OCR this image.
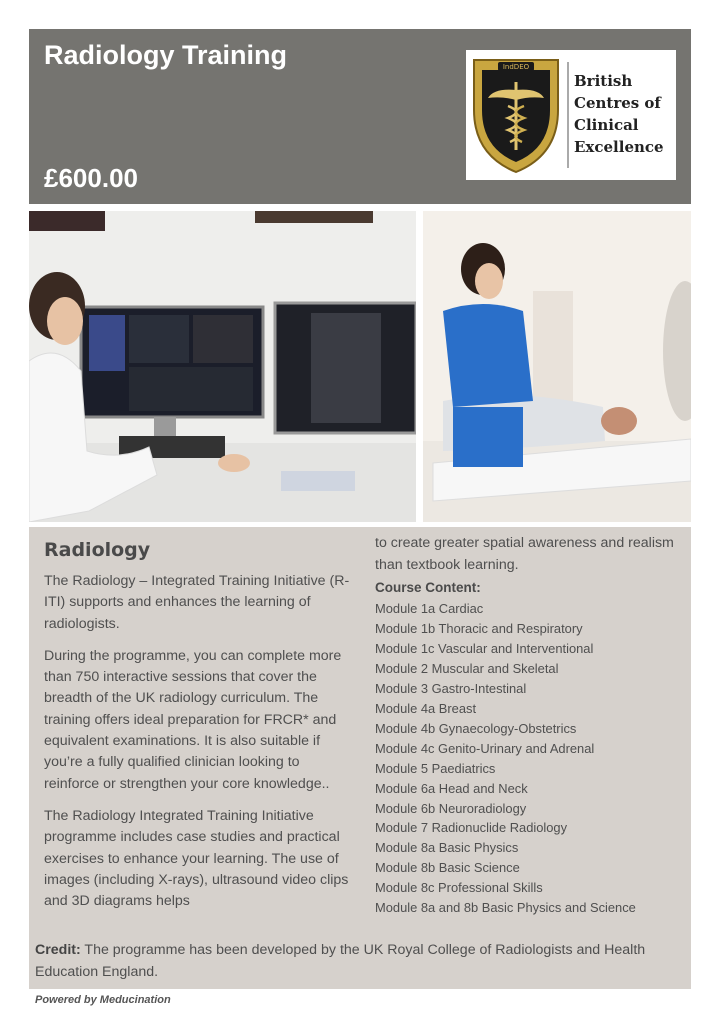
Radiology Training
£600.00
IndDEO
British
Centres of
Clinical
Excellence
Radiology

The Radiology – Integrated Training Initiative (R-ITI) supports and enhances the learning of radiologists.

During the programme, you can complete more than 750 interactive sessions that cover the breadth of the UK radiology curriculum. The training offers ideal preparation for FRCR* and equivalent examinations. It is also suitable if you’re a fully qualified clinician looking to reinforce or strengthen your core knowledge..

The Radiology Integrated Training Initiative programme includes case studies and practical exercises to enhance your learning. The use of images (including X-rays), ultrasound video clips and 3D diagrams helps

to create greater spatial awareness and realism than textbook learning.

Course Content:
Module 1a Cardiac
Module 1b Thoracic and Respiratory
Module 1c Vascular and Interventional
Module 2 Muscular and Skeletal
Module 3 Gastro-Intestinal
Module 4a Breast
Module 4b Gynaecology-Obstetrics
Module 4c Genito-Urinary and Adrenal
Module 5 Paediatrics
Module 6a Head and Neck
Module 6b Neuroradiology
Module 7 Radionuclide Radiology
Module 8a Basic Physics
Module 8b Basic Science
Module 8c Professional Skills
Module 8a and 8b Basic Physics and Science
Credit: The programme has been developed by the UK Royal College of Radiologists and Health Education England.
Powered by Meducination
